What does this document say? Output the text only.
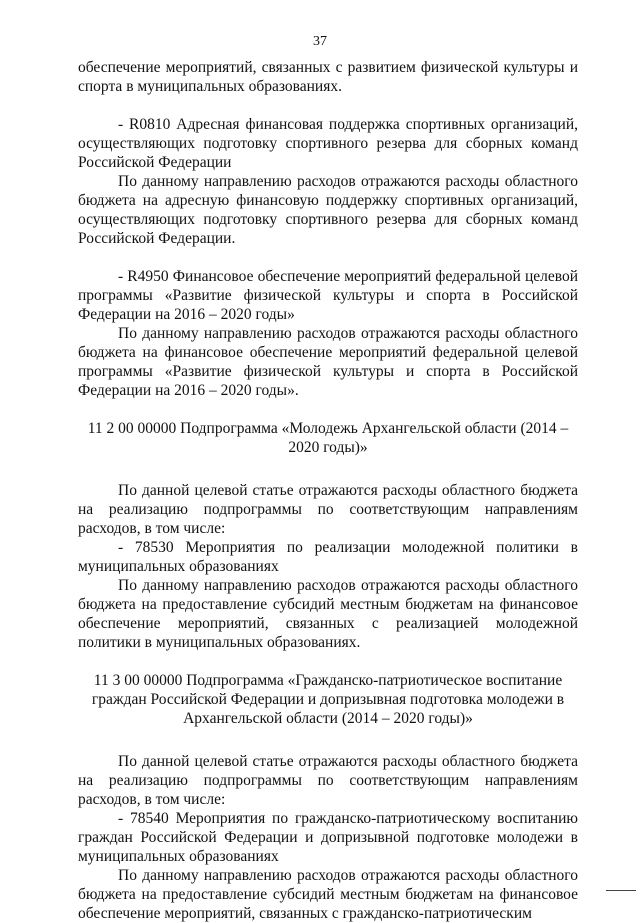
37

обеспечение мероприятий, связанных с развитием физической культуры и спорта в муниципальных образованиях.

- R0810 Адресная финансовая поддержка спортивных организаций, осуществляющих подготовку спортивного резерва для сборных команд Российской Федерации

По данному направлению расходов отражаются расходы областного бюджета на адресную финансовую поддержку спортивных организаций, осуществляющих подготовку спортивного резерва для сборных команд Российской Федерации.

- R4950 Финансовое обеспечение мероприятий федеральной целевой программы «Развитие физической культуры и спорта в Российской Федерации на 2016 – 2020 годы»

По данному направлению расходов отражаются расходы областного бюджета на финансовое обеспечение мероприятий федеральной целевой программы «Развитие физической культуры и спорта в Российской Федерации на 2016 – 2020 годы».

11 2 00 00000 Подпрограмма «Молодежь Архангельской области (2014 – 2020 годы)»

По данной целевой статье отражаются расходы областного бюджета на реализацию подпрограммы по соответствующим направлениям расходов, в том числе:

- 78530 Мероприятия по реализации молодежной политики в муниципальных образованиях

По данному направлению расходов отражаются расходы областного бюджета на предоставление субсидий местным бюджетам на финансовое обеспечение мероприятий, связанных с реализацией молодежной политики в муниципальных образованиях.

11 3 00 00000 Подпрограмма «Гражданско-патриотическое воспитание граждан Российской Федерации и допризывная подготовка молодежи в Архангельской области (2014 – 2020 годы)»

По данной целевой статье отражаются расходы областного бюджета на реализацию подпрограммы по соответствующим направлениям расходов, в том числе:

- 78540 Мероприятия по гражданско-патриотическому воспитанию граждан Российской Федерации и допризывной подготовке молодежи в муниципальных образованиях

По данному направлению расходов отражаются расходы областного бюджета на предоставление субсидий местным бюджетам на финансовое обеспечение мероприятий, связанных с гражданско-патриотическим
